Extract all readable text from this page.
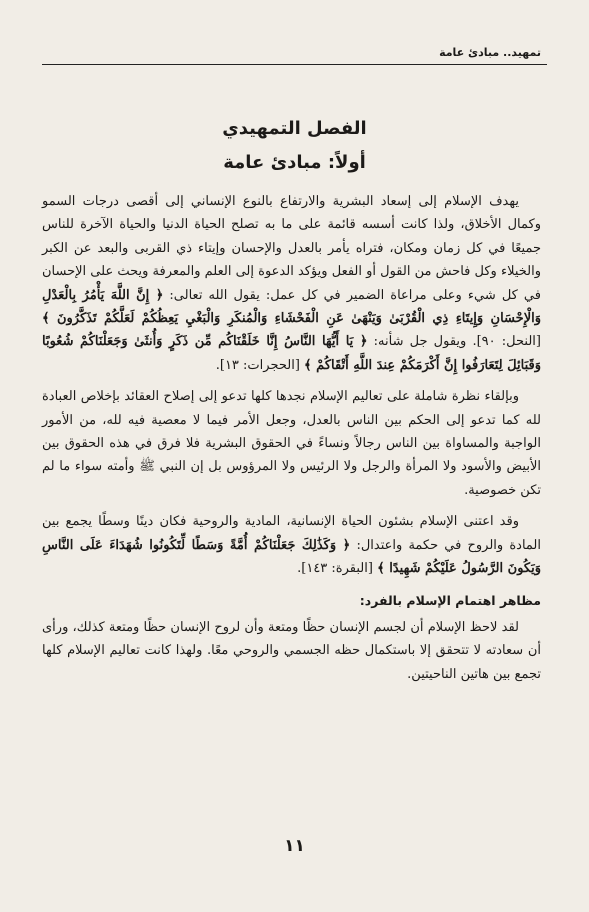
تمهيد.. مبادئ عامة
الفصل التمهيدي
أولاً: مبادئ عامة

يهدف الإسلام إلى إسعاد البشرية والارتفاع بالنوع الإنساني إلى أقصى درجات السمو وكمال الأخلاق، ولذا كانت أسسه قائمة على ما به تصلح الحياة الدنيا والحياة الآخرة للناس جميعًا في كل زمان ومكان، فتراه يأمر بالعدل والإحسان وإيتاء ذي القربى والبعد عن الكبر والخيلاء وكل فاحش من القول أو الفعل ويؤكد الدعوة إلى العلم والمعرفة ويحث على الإحسان في كل شيء وعلى مراعاة الضمير في كل عمل: يقول الله تعالى: ﴿ إِنَّ اللَّهَ يَأْمُرُ بِالْعَدْلِ وَالْإِحْسَانِ وَإِيتَاءِ ذِي الْقُرْبَىٰ وَيَنْهَىٰ عَنِ الْفَحْشَاءِ وَالْمُنكَرِ وَالْبَغْيِ يَعِظُكُمْ لَعَلَّكُمْ تَذَكَّرُونَ ﴾ [النحل: ٩٠]. ويقول جل شأنه: ﴿ يَا أَيُّهَا النَّاسُ إِنَّا خَلَقْنَاكُم مِّن ذَكَرٍ وَأُنثَىٰ وَجَعَلْنَاكُمْ شُعُوبًا وَقَبَائِلَ لِتَعَارَفُوا إِنَّ أَكْرَمَكُمْ عِندَ اللَّهِ أَتْقَاكُمْ ﴾ [الحجرات: ١٣].

وبإلقاء نظرة شاملة على تعاليم الإسلام نجدها كلها تدعو إلى إصلاح العقائد بإخلاص العبادة لله كما تدعو إلى الحكم بين الناس بالعدل، وجعل الأمر فيما لا معصية فيه لله، من الأمور الواجبة والمساواة بين الناس رجالاً ونساءً في الحقوق البشرية فلا فرق في هذه الحقوق بين الأبيض والأسود ولا المرأة والرجل ولا الرئيس ولا المرؤوس بل إن النبي ﷺ وأمته سواء ما لم تكن خصوصية.

وقد اعتنى الإسلام بشئون الحياة الإنسانية، المادية والروحية فكان دينًا وسطًا يجمع بين المادة والروح في حكمة واعتدال: ﴿ وَكَذَٰلِكَ جَعَلْنَاكُمْ أُمَّةً وَسَطًا لِّتَكُونُوا شُهَدَاءَ عَلَى النَّاسِ وَيَكُونَ الرَّسُولُ عَلَيْكُمْ شَهِيدًا ﴾ [البقرة: ١٤٣].

مظاهر اهتمام الإسلام بالفرد:

لقد لاحظ الإسلام أن لجسم الإنسان حظًا ومتعة وأن لروح الإنسان حظًا ومتعة كذلك، ورأى أن سعادته لا تتحقق إلا باستكمال حظه الجسمي والروحي معًا. ولهذا كانت تعاليم الإسلام كلها تجمع بين هاتين الناحيتين.

١١
